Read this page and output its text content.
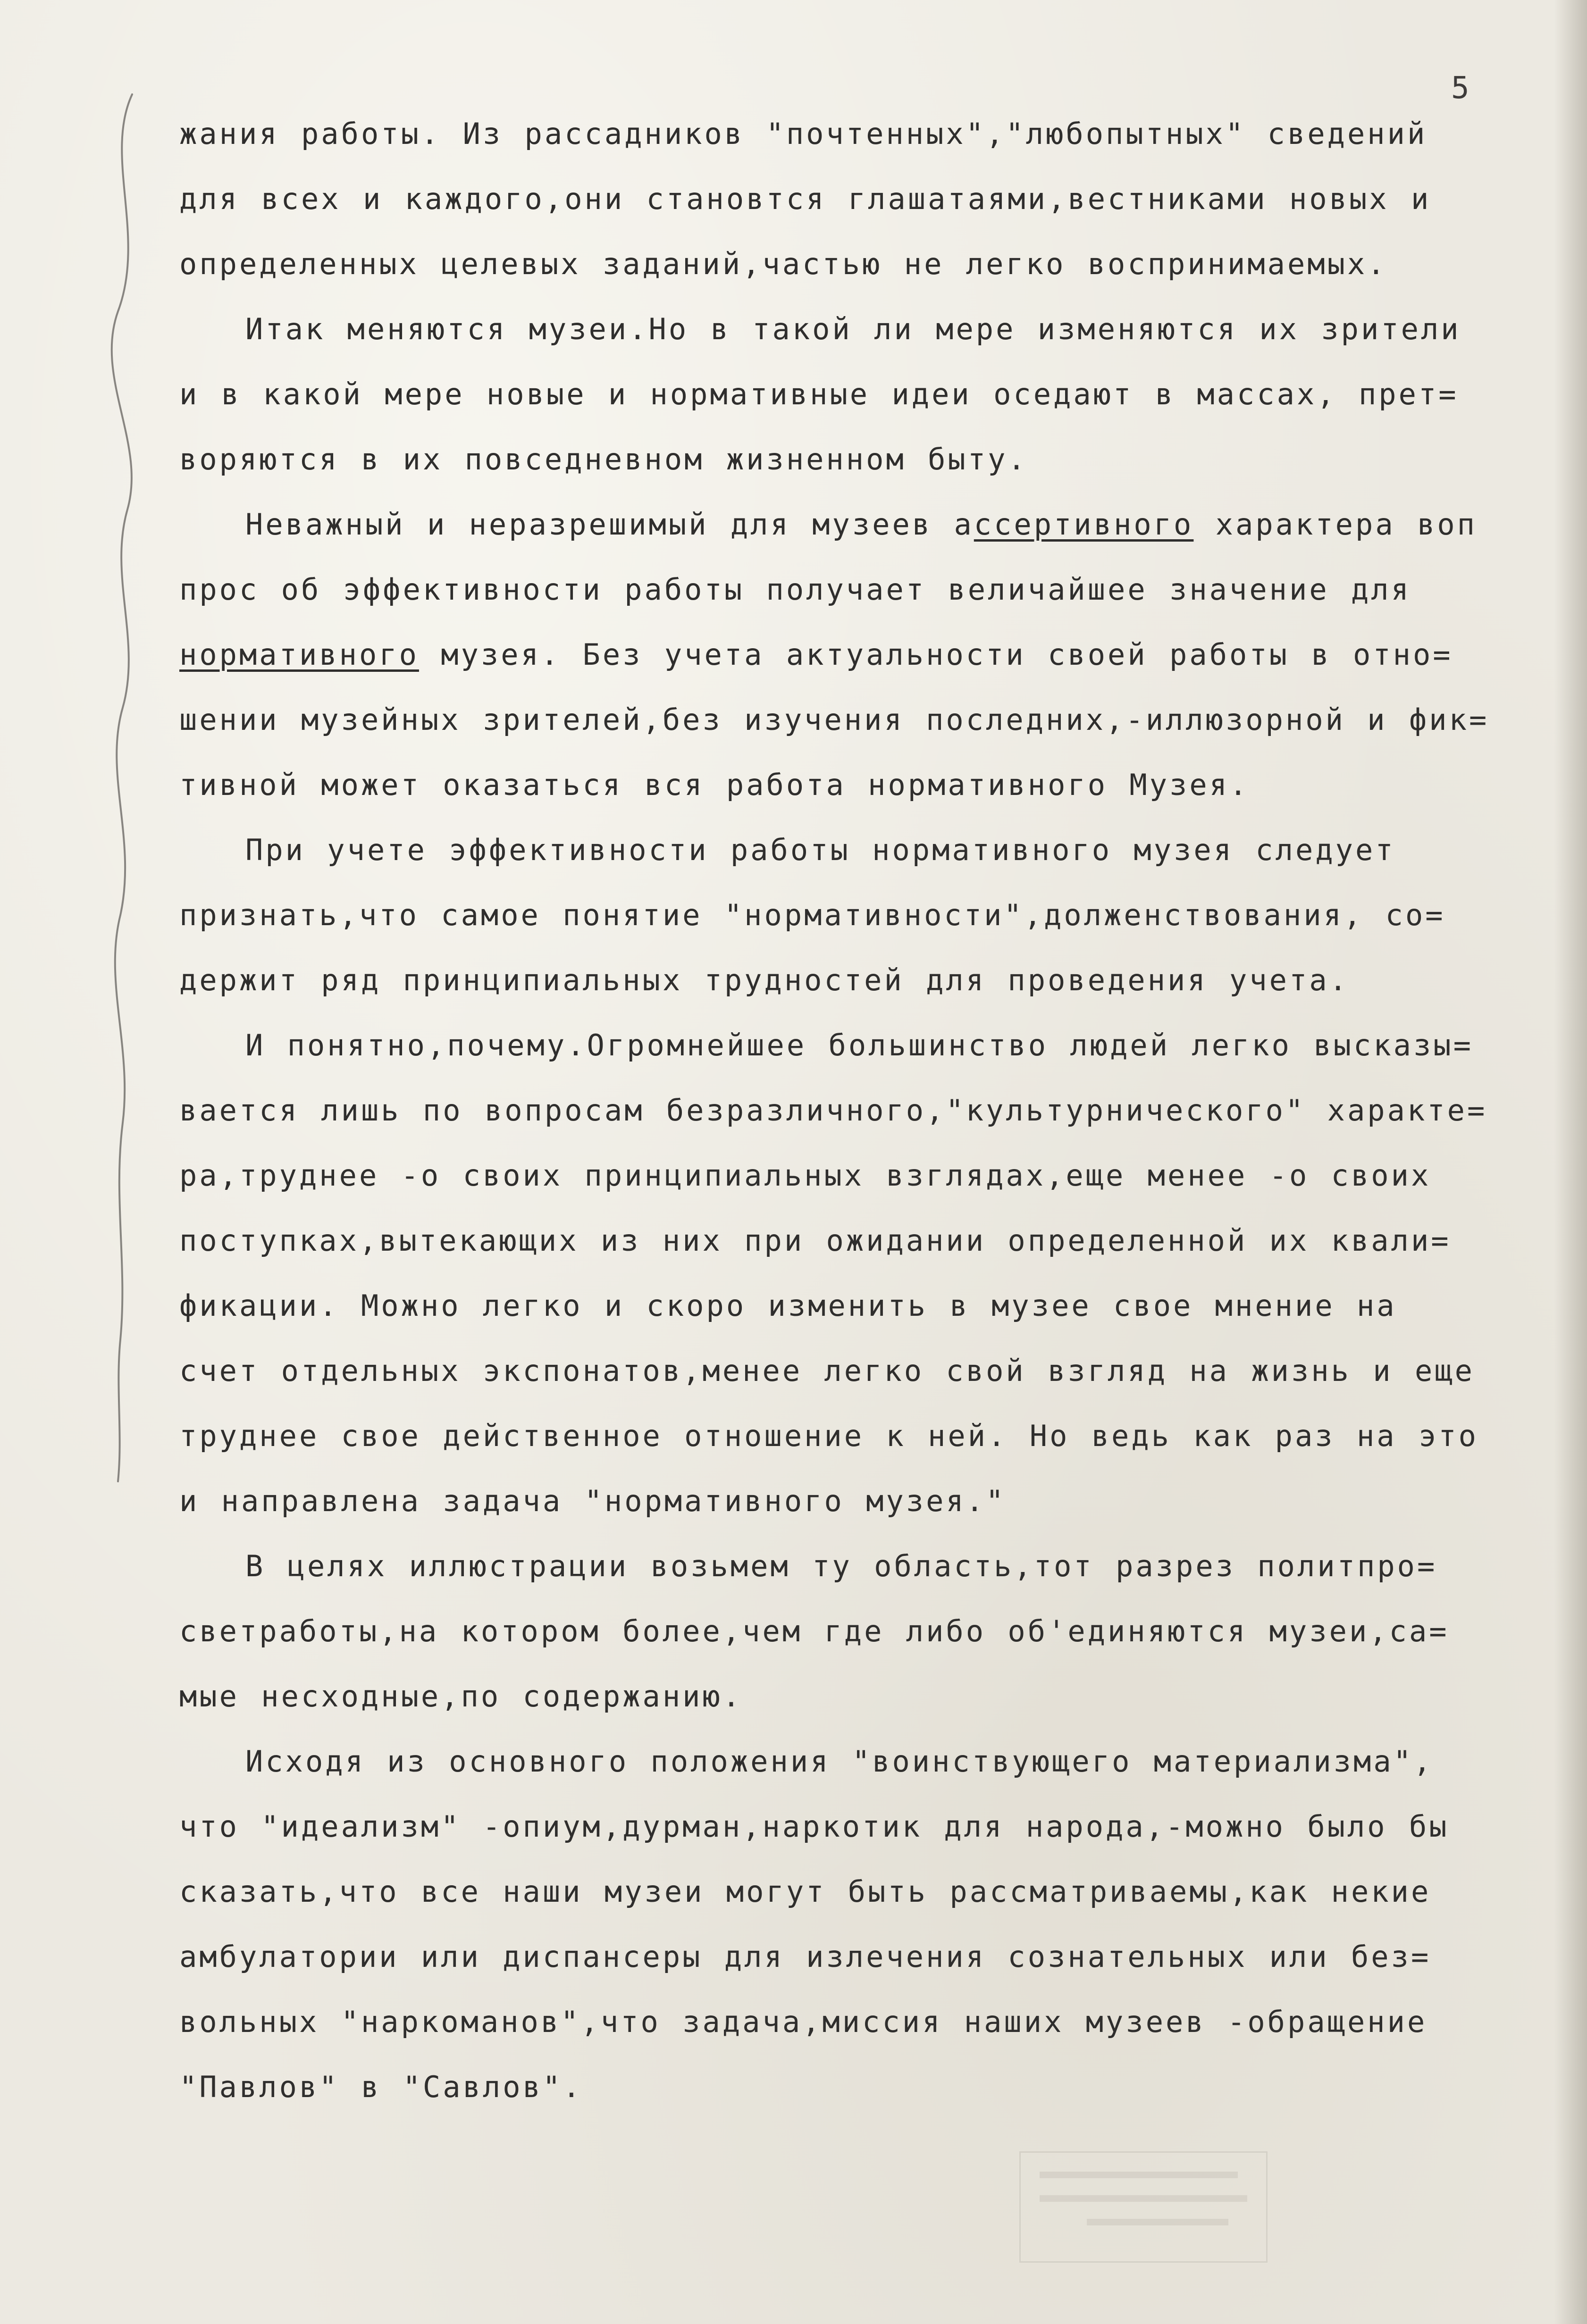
5

жания работы. Из рассадников "почтенных","любопытных" сведений

для всех и каждого,они становтся глашатаями,вестниками новых и

определенных целевых заданий,частью не легко воспринимаемых.

Итак меняются музеи.Но в такой ли мере изменяются их зрители

и в какой мере новые и нормативные идеи оседают в массах, прет=

воряются в их повседневном жизненном быту.

Неважный и неразрешимый для музеев ассертивного характера воп

прос об эффективности работы получает величайшее значение для

нормативного музея. Без учета актуальности своей работы в отно=

шении музейных зрителей,без изучения последних,-иллюзорной и фик=

тивной может оказаться вся работа нормативного Музея.

При учете эффективности работы нормативного музея следует

признать,что самое понятие "нормативности",долженствования, со=

держит ряд принципиальных трудностей для проведения учета.

И понятно,почему.Огромнейшее большинство людей легко высказы=

вается лишь по вопросам безразличного,"культурнического" характе=

ра,труднее -о своих принципиальных взглядах,еще менее -о своих

поступках,вытекающих из них при ожидании определенной их квали=

фикации. Можно легко и скоро изменить в музее свое мнение на

счет отдельных экспонатов,менее легко свой взгляд на жизнь и еще

труднее свое действенное отношение к ней. Но ведь как раз на это

и направлена задача "нормативного музея."

В целях иллюстрации возьмем ту область,тот разрез политпро=

светработы,на котором более,чем где либо об'единяются музеи,са=

мые несходные,по содержанию.

Исходя из основного положения "воинствующего материализма",

что "идеализм" -опиум,дурман,наркотик для народа,-можно было бы

сказать,что все наши музеи могут быть рассматриваемы,как некие

амбулатории или диспансеры для излечения сознательных или без=

вольных "наркоманов",что задача,миссия наших музеев -обращение

"Павлов" в "Савлов".
